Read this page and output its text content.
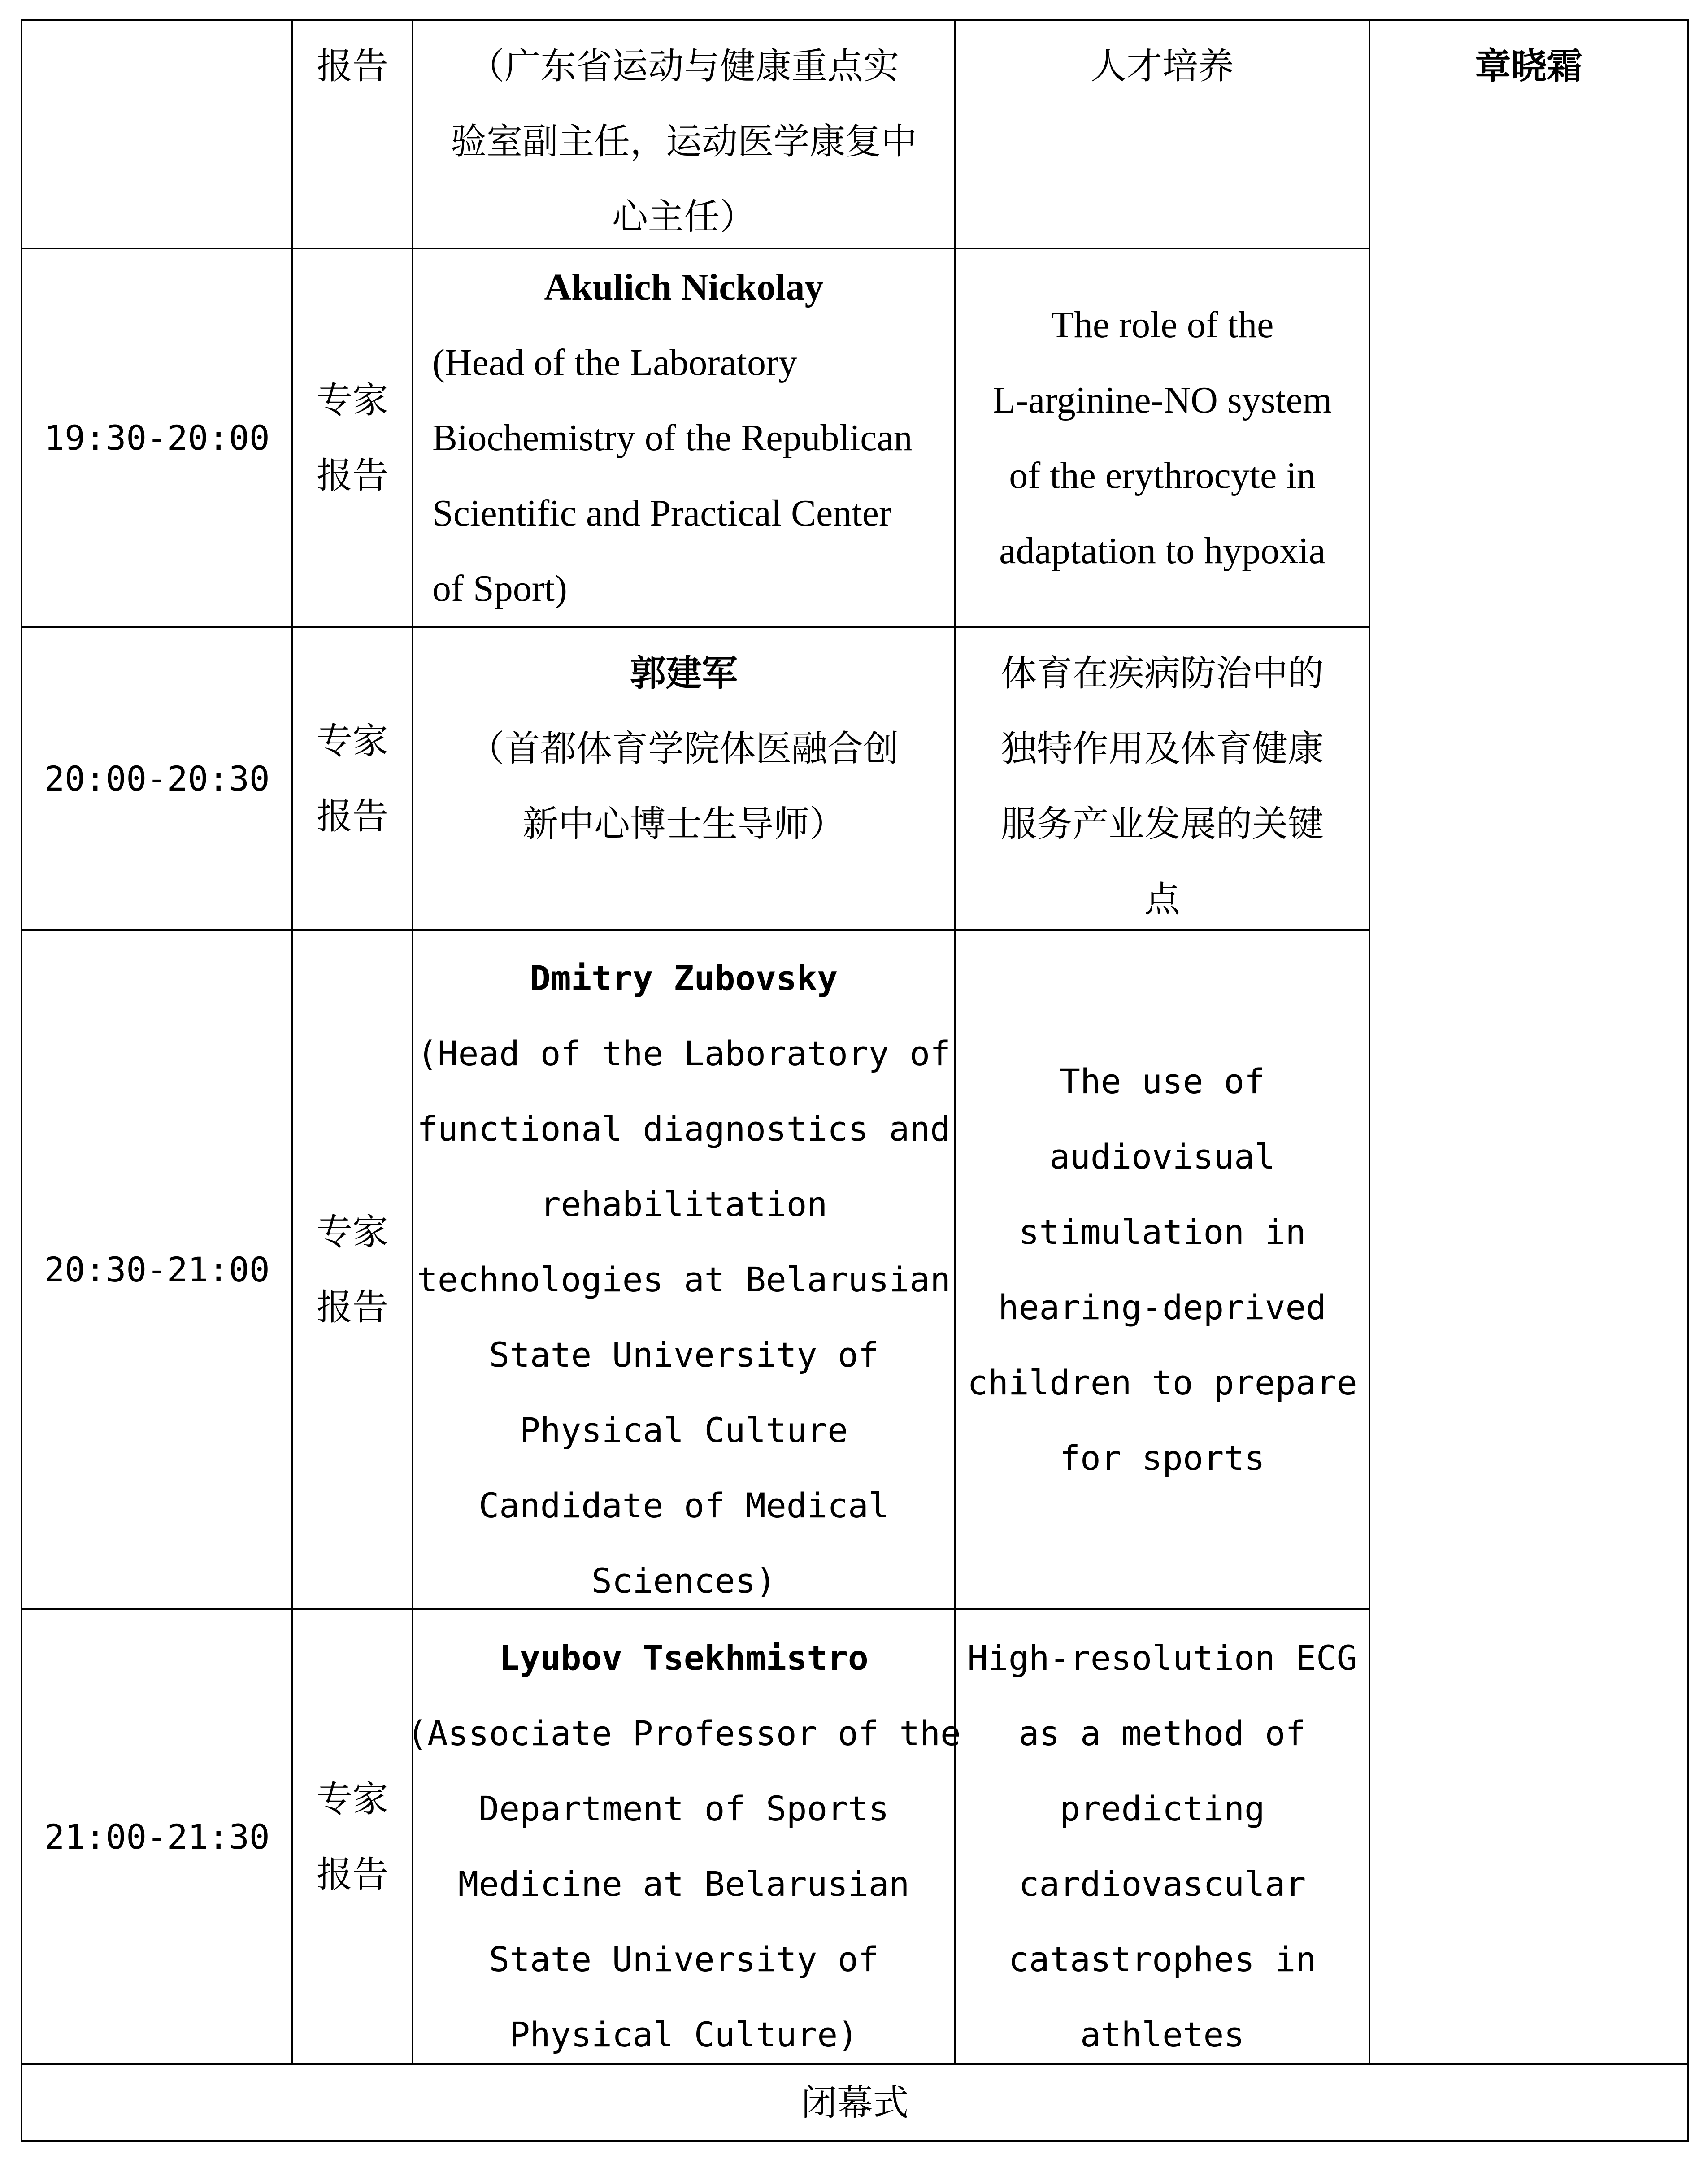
报告 （广东省运动与健康重点实
验室副主任，运动医学康复中
心主任）
人才培养	章晓霜
19:30-20:00
专家
报告
Akulich Nickolay
(Head of the Laboratory
Biochemistry of the Republican
Scientific and Practical Center
of Sport)
The role of the
L-arginine-NO system
of the erythrocyte in
adaptation to hypoxia
20:00-20:30
专家
报告
郭建军
（首都体育学院体医融合创
新中心博士生导师）
体育在疾病防治中的
独特作用及体育健康
服务产业发展的关键
点
20:30-21:00
专家
报告
Dmitry Zubovsky
(Head of the Laboratory of
functional diagnostics and
rehabilitation
technologies at Belarusian
State University of
Physical Culture
Candidate of Medical
Sciences)
The use of
audiovisual
stimulation in
hearing-deprived
children to prepare
for sports
21:00-21:30
专家
报告
Lyubov Tsekhmistro
(Associate Professor of the
Department of Sports
Medicine at Belarusian
State University of
Physical Culture)
High-resolution ECG
as a method of
predicting
cardiovascular
catastrophes in
athletes
闭幕式
